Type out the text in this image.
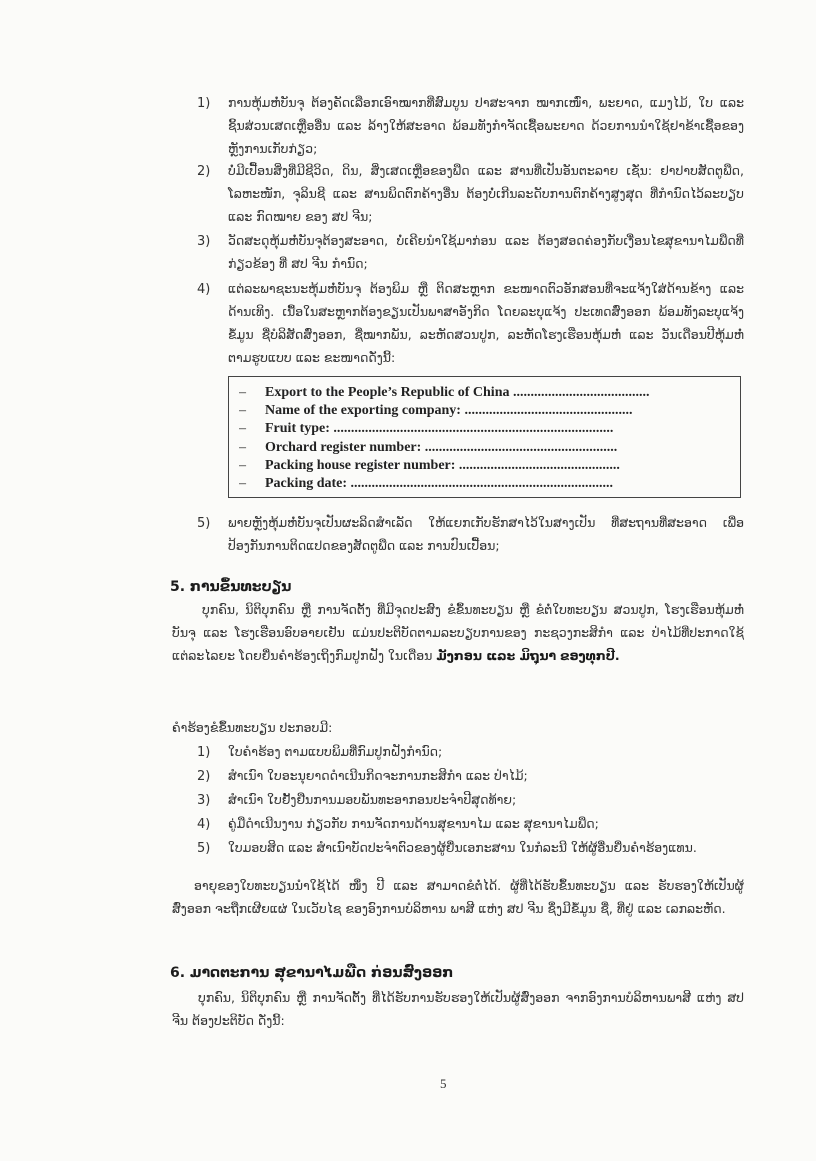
1) ການຫຸ້ມຫໍ່ບັນຈຸ ຕ້ອງຄັດເລືອກເອົາໝາກທີ່ສົມບູນ ປາສະຈາກ ໝາກເໜົ່າ, ພະຍາດ, ແມງໄມ້, ໃບ ແລະ ຊິ້ນສ່ວນເສດເຫຼືອອື່ນ ແລະ ລ້າງໃຫ້ສະອາດ ພ້ອມທັງກຳຈັດເຊື້ອພະຍາດ ດ້ວຍການນຳໃຊ້ຢາຂ້າເຊື້ອຂອງຫຼັງການເກັບກ່ຽວ;
2) ບໍ່ມີເປື້ອນສິ່ງທີ່ມີຊີວິດ, ດິນ, ສິ່ງເສດເຫຼືອຂອງພືດ ແລະ ສານທີ່ເປັນອັນຕະລາຍ ເຊັ່ນ: ຢາປາບສັດຕູພືດ, ໂລຫະໜັກ, ຈຸລິນຊີ ແລະ ສານພິດຕົກຄ້າງອື່ນ ຕ້ອງບໍ່ເກີນລະດັບການຕົກຄ້າງສູງສຸດ ທີ່ກຳນົດໄວ້ລະບຽບ ແລະ ກົດໝາຍ ຂອງ ສປ ຈີນ;
3) ວັດສະດຸຫຸ້ມຫໍ່ບັນຈຸຕ້ອງສະອາດ, ບໍ່ເຄີຍນຳໃຊ້ມາກ່ອນ ແລະ ຕ້ອງສອດຄ່ອງກັບເງື່ອນໄຂສຸຂານາໄມພືດທີ່ກ່ຽວຂ້ອງ ທີ່ ສປ ຈີນ ກຳນົດ;
4) ແຕ່ລະພາຊະນະຫຸ້ມຫໍ່ບັນຈຸ ຕ້ອງພິມ ຫຼື ຕິດສະຫຼາກ ຂະໜາດຕົວອັກສອນທີ່ຈະແຈ້ງໃສ່ດ້ານຂ້າງ ແລະ ດ້ານເທິງ. ເນື້ອໃນສະຫຼາກຕ້ອງຂຽນເປັນພາສາອັງກິດ ໂດຍລະບຸແຈ້ງ ປະເທດສົ່ງອອກ ພ້ອມທັງລະບຸແຈ້ງຂໍ້ມູນ ຊື່ບໍລິສັດສົ່ງອອກ, ຊື່ໝາກພັນ, ລະຫັດສວນປູກ, ລະຫັດໂຮງເຮືອນຫຸ້ມຫໍ່ ແລະ ວັນເດືອນປີຫຸ້ມຫໍ່ ຕາມຮູບແບບ ແລະ ຂະໜາດດັ່ງນີ້:
– Export to the People’s Republic of China .......................................
– Name of the exporting company: ................................................
– Fruit type: ................................................................................
– Orchard register number: .......................................................
– Packing house register number: ..............................................
– Packing date: ...........................................................................
5) ພາຍຫຼັງຫຸ້ມຫໍ່ບັນຈຸເປັນຜະລິດສຳເລັດ ໃຫ້ແຍກເກັບຮັກສາໄວ້ໃນສາງເປັນ ທີ່ສະຖານທີ່ສະອາດ ເພື່ອປ້ອງກັນການຕິດແປດຂອງສັດຕູພືດ ແລະ ການປົນເປື້ອນ;
5. ການຂຶ້ນທະບຽນ
ບຸກຄົນ, ນິຕິບຸກຄົນ ຫຼື ການຈັດຕັ້ງ ທີ່ມີຈຸດປະສົງ ຂໍຂຶ້ນທະບຽນ ຫຼື ຂໍຕໍ່ໃບທະບຽນ ສວນປູກ, ໂຮງເຮືອນຫຸ້ມຫໍ່ບັນຈຸ ແລະ ໂຮງເຮືອນອົບອາຍເຢັນ ແມ່ນປະຕິບັດຕາມລະບຽບການຂອງ ກະຊວງກະສິກຳ ແລະ ປ່າໄມ້ທີ່ປະກາດໃຊ້ແຕ່ລະໄລຍະ ໂດຍຍື່ນຄຳຮ້ອງເຖິງກົມປູກຝັງ ໃນເດືອນ ມັງກອນ ແລະ ມິຖຸນາ ຂອງທຸກປີ.
ຄຳຮ້ອງຂໍຂຶ້ນທະບຽນ ປະກອບມີ:
1) ໃບຄຳຮ້ອງ ຕາມແບບພິມທີ່ກົມປູກຝັງກຳນົດ;
2) ສຳເນົາ ໃບອະນຸຍາດດຳເນີນກິດຈະການກະສິກຳ ແລະ ປ່າໄມ້;
3) ສຳເນົາ ໃບຢັ້ງຢືນການມອບພັນທະອາກອນປະຈຳປີສຸດທ້າຍ;
4) ຄູ່ມືດຳເນີນງານ ກ່ຽວກັບ ການຈັດການດ້ານສຸຂານາໄມ ແລະ ສຸຂານາໄມພືດ;
5) ໃບມອບສິດ ແລະ ສຳເນົາບັດປະຈຳຕົວຂອງຜູ້ຍື່ນເອກະສານ ໃນກໍລະນີ ໃຫ້ຜູ້ອື່ນຍື່ນຄຳຮ້ອງແທນ.
ອາຍຸຂອງໃບທະບຽນນຳໃຊ້ໄດ້ ໜຶ່ງ ປີ ແລະ ສາມາດຂໍຕໍ່ໄດ້. ຜູ້ທີ່ໄດ້ຮັບຂຶ້ນທະບຽນ ແລະ ຮັບຮອງໃຫ້ເປັນຜູ້ສົ່ງອອກ ຈະຖືກເຜີຍແຜ່ ໃນເວັບໄຊ ຂອງອົງການບໍລິຫານ ພາສີ ແຫ່ງ ສປ ຈີນ ຊຶ່ງມີຂໍ້ມູນ ຊື່, ທີ່ຢູ່ ແລະ ເລກລະຫັດ.
6. ມາດຕະການ ສຸຂານາໄມພືດ ກ່ອນສົ່ງອອກ
ບຸກຄົນ, ນິຕິບຸກຄົນ ຫຼື ການຈັດຕັ້ງ ທີ່ໄດ້ຮັບການຮັບຮອງໃຫ້ເປັນຜູ້ສົ່ງອອກ ຈາກອົງການບໍລິຫານພາສີ ແຫ່ງ ສປ ຈີນ ຕ້ອງປະຕິບັດ ດັ່ງນີ້:
5
